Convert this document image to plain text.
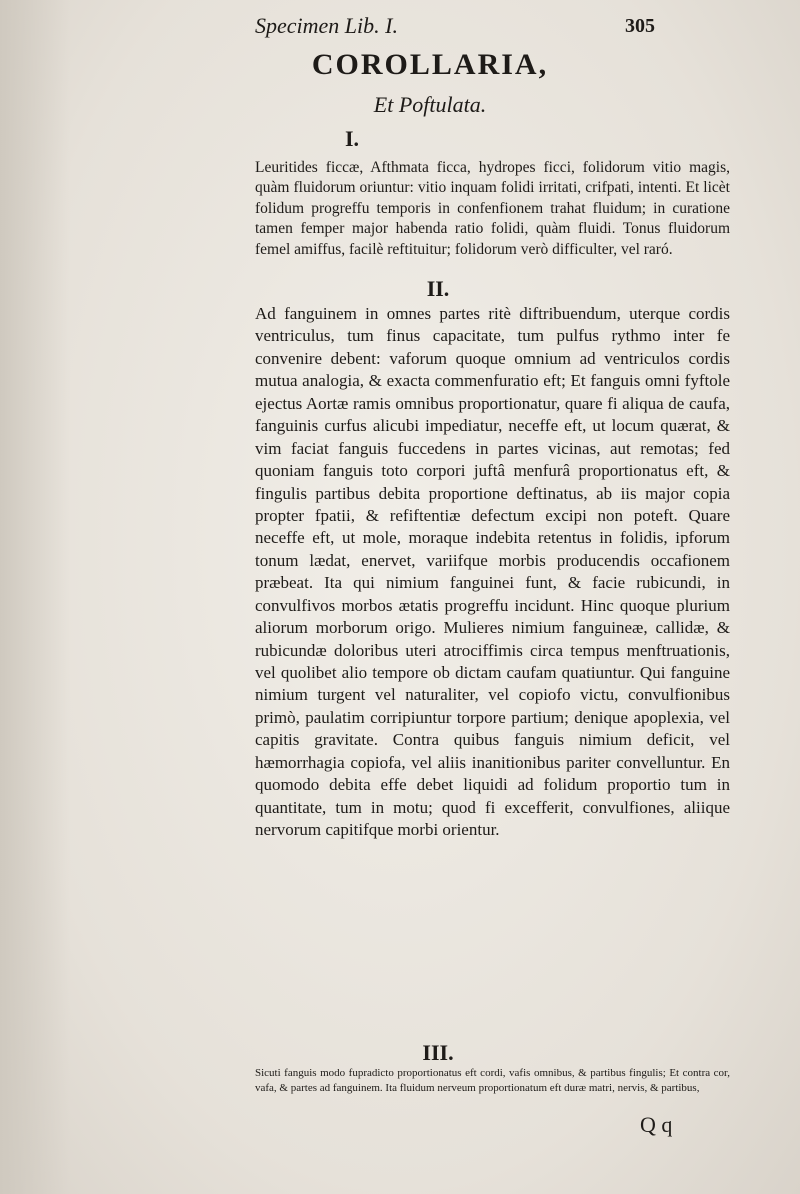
Specimen Lib. I.	305
COROLLARIA,
Et Poftulata.
I.

Leuritides ficcæ, Afthmata ficca, hydropes ficci, folidorum vitio magis, quàm fluidorum oriuntur: vitio inquam folidi irritati, crifpati, intenti. Et licèt folidum progreffu temporis in confenfionem trahat fluidum; in curatione tamen femper major habenda ratio folidi, quàm fluidi. Tonus fluidorum femel amiffus, facilè reftituitur; folidorum verò difficulter, vel raró.

II.

Ad fanguinem in omnes partes ritè diftribuendum, uterque cordis ventriculus, tum finus capacitate, tum pulfus rythmo inter fe convenire debent: vaforum quoque omnium ad ventriculos cordis mutua analogia, & exacta commenfuratio eft; Et fanguis omni fyftole ejectus Aortæ ramis omnibus proportionatur, quare fi aliqua de caufa, fanguinis curfus alicubi impediatur, neceffe eft, ut locum quærat, & vim faciat fanguis fuccedens in partes vicinas, aut remotas; fed quoniam fanguis toto corpori juftâ menfurâ proportionatus eft, & fingulis partibus debita proportione deftinatus, ab iis major copia propter fpatii, & refiftentiæ defectum excipi non poteft. Quare neceffe eft, ut mole, moraque indebita retentus in folidis, ipforum tonum lædat, enervet, variifque morbis producendis occafionem præbeat. Ita qui nimium fanguinei funt, & facie rubicundi, in convulfivos morbos ætatis progreffu incidunt. Hinc quoque plurium aliorum morborum origo. Mulieres nimium fanguineæ, callidæ, & rubicundæ doloribus uteri atrociffimis circa tempus menftruationis, vel quolibet alio tempore ob dictam caufam quatiuntur. Qui fanguine nimium turgent vel naturaliter, vel copiofo victu, convulfionibus primò, paulatim corripiuntur torpore partium; denique apoplexia, vel capitis gravitate. Contra quibus fanguis nimium deficit, vel hæmorrhagia copiofa, vel aliis inanitionibus pariter convelluntur. En quomodo debita effe debet liquidi ad folidum proportio tum in quantitate, tum in motu; quod fi excefferit, convulfiones, aliique nervorum capitifque morbi orientur.

III.

Sicuti fanguis modo fupradicto proportionatus eft cordi, vafis omnibus, & partibus fingulis; Et contra cor, vafa, & partes ad fanguinem. Ita fluidum nerveum proportionatum eft duræ matri, nervis, & partibus,

Q q
